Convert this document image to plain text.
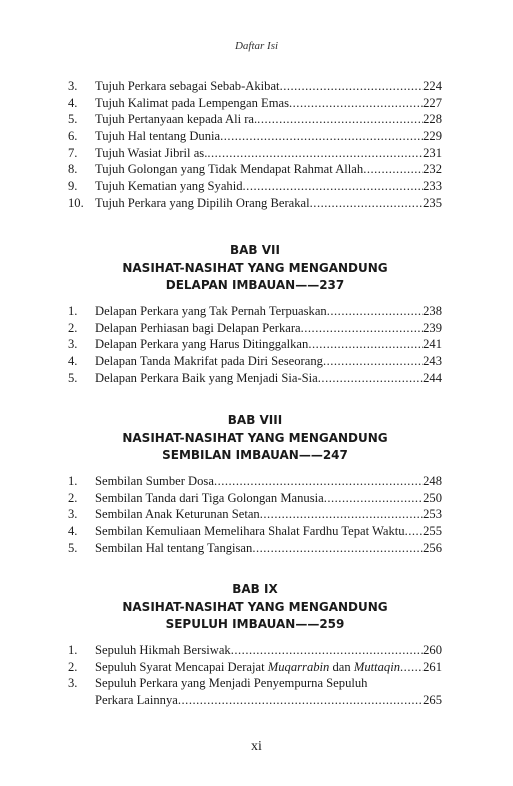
Daftar Isi
3. Tujuh Perkara sebagai Sebab-Akibat .....	224
4. Tujuh Kalimat pada Lempengan Emas .....	227
5. Tujuh Pertanyaan kepada Ali ra. .....	228
6. Tujuh Hal tentang Dunia .....	229
7. Tujuh Wasiat Jibril as. .....	231
8. Tujuh Golongan yang Tidak Mendapat Rahmat Allah .....	232
9. Tujuh Kematian yang Syahid .....	233
10. Tujuh Perkara yang Dipilih Orang Berakal .....	235
BAB VII
NASIHAT-NASIHAT YANG MENGANDUNG
DELAPAN IMBAUAN——237
1. Delapan Perkara yang Tak Pernah Terpuaskan .....	238
2. Delapan Perhiasan bagi Delapan Perkara .....	239
3. Delapan Perkara yang Harus Ditinggalkan .....	241
4. Delapan Tanda Makrifat pada Diri Seseorang .....	243
5. Delapan Perkara Baik yang Menjadi Sia-Sia .....	244
BAB VIII
NASIHAT-NASIHAT YANG MENGANDUNG
SEMBILAN IMBAUAN——247
1. Sembilan Sumber Dosa .....	248
2. Sembilan Tanda dari Tiga Golongan Manusia .....	250
3. Sembilan Anak Keturunan Setan .....	253
4. Sembilan Kemuliaan Memelihara Shalat Fardhu Tepat Waktu ..... 255
5. Sembilan Hal tentang Tangisan .....	256
BAB IX
NASIHAT-NASIHAT YANG MENGANDUNG
SEPULUH IMBAUAN——259
1. Sepuluh Hikmah Bersiwak .....	260
2. Sepuluh Syarat Mencapai Derajat Muqarrabin dan Muttaqin ..... 261
3. Sepuluh Perkara yang Menjadi Penyempurna Sepuluh
Perkara Lainnya .....	265
xi
